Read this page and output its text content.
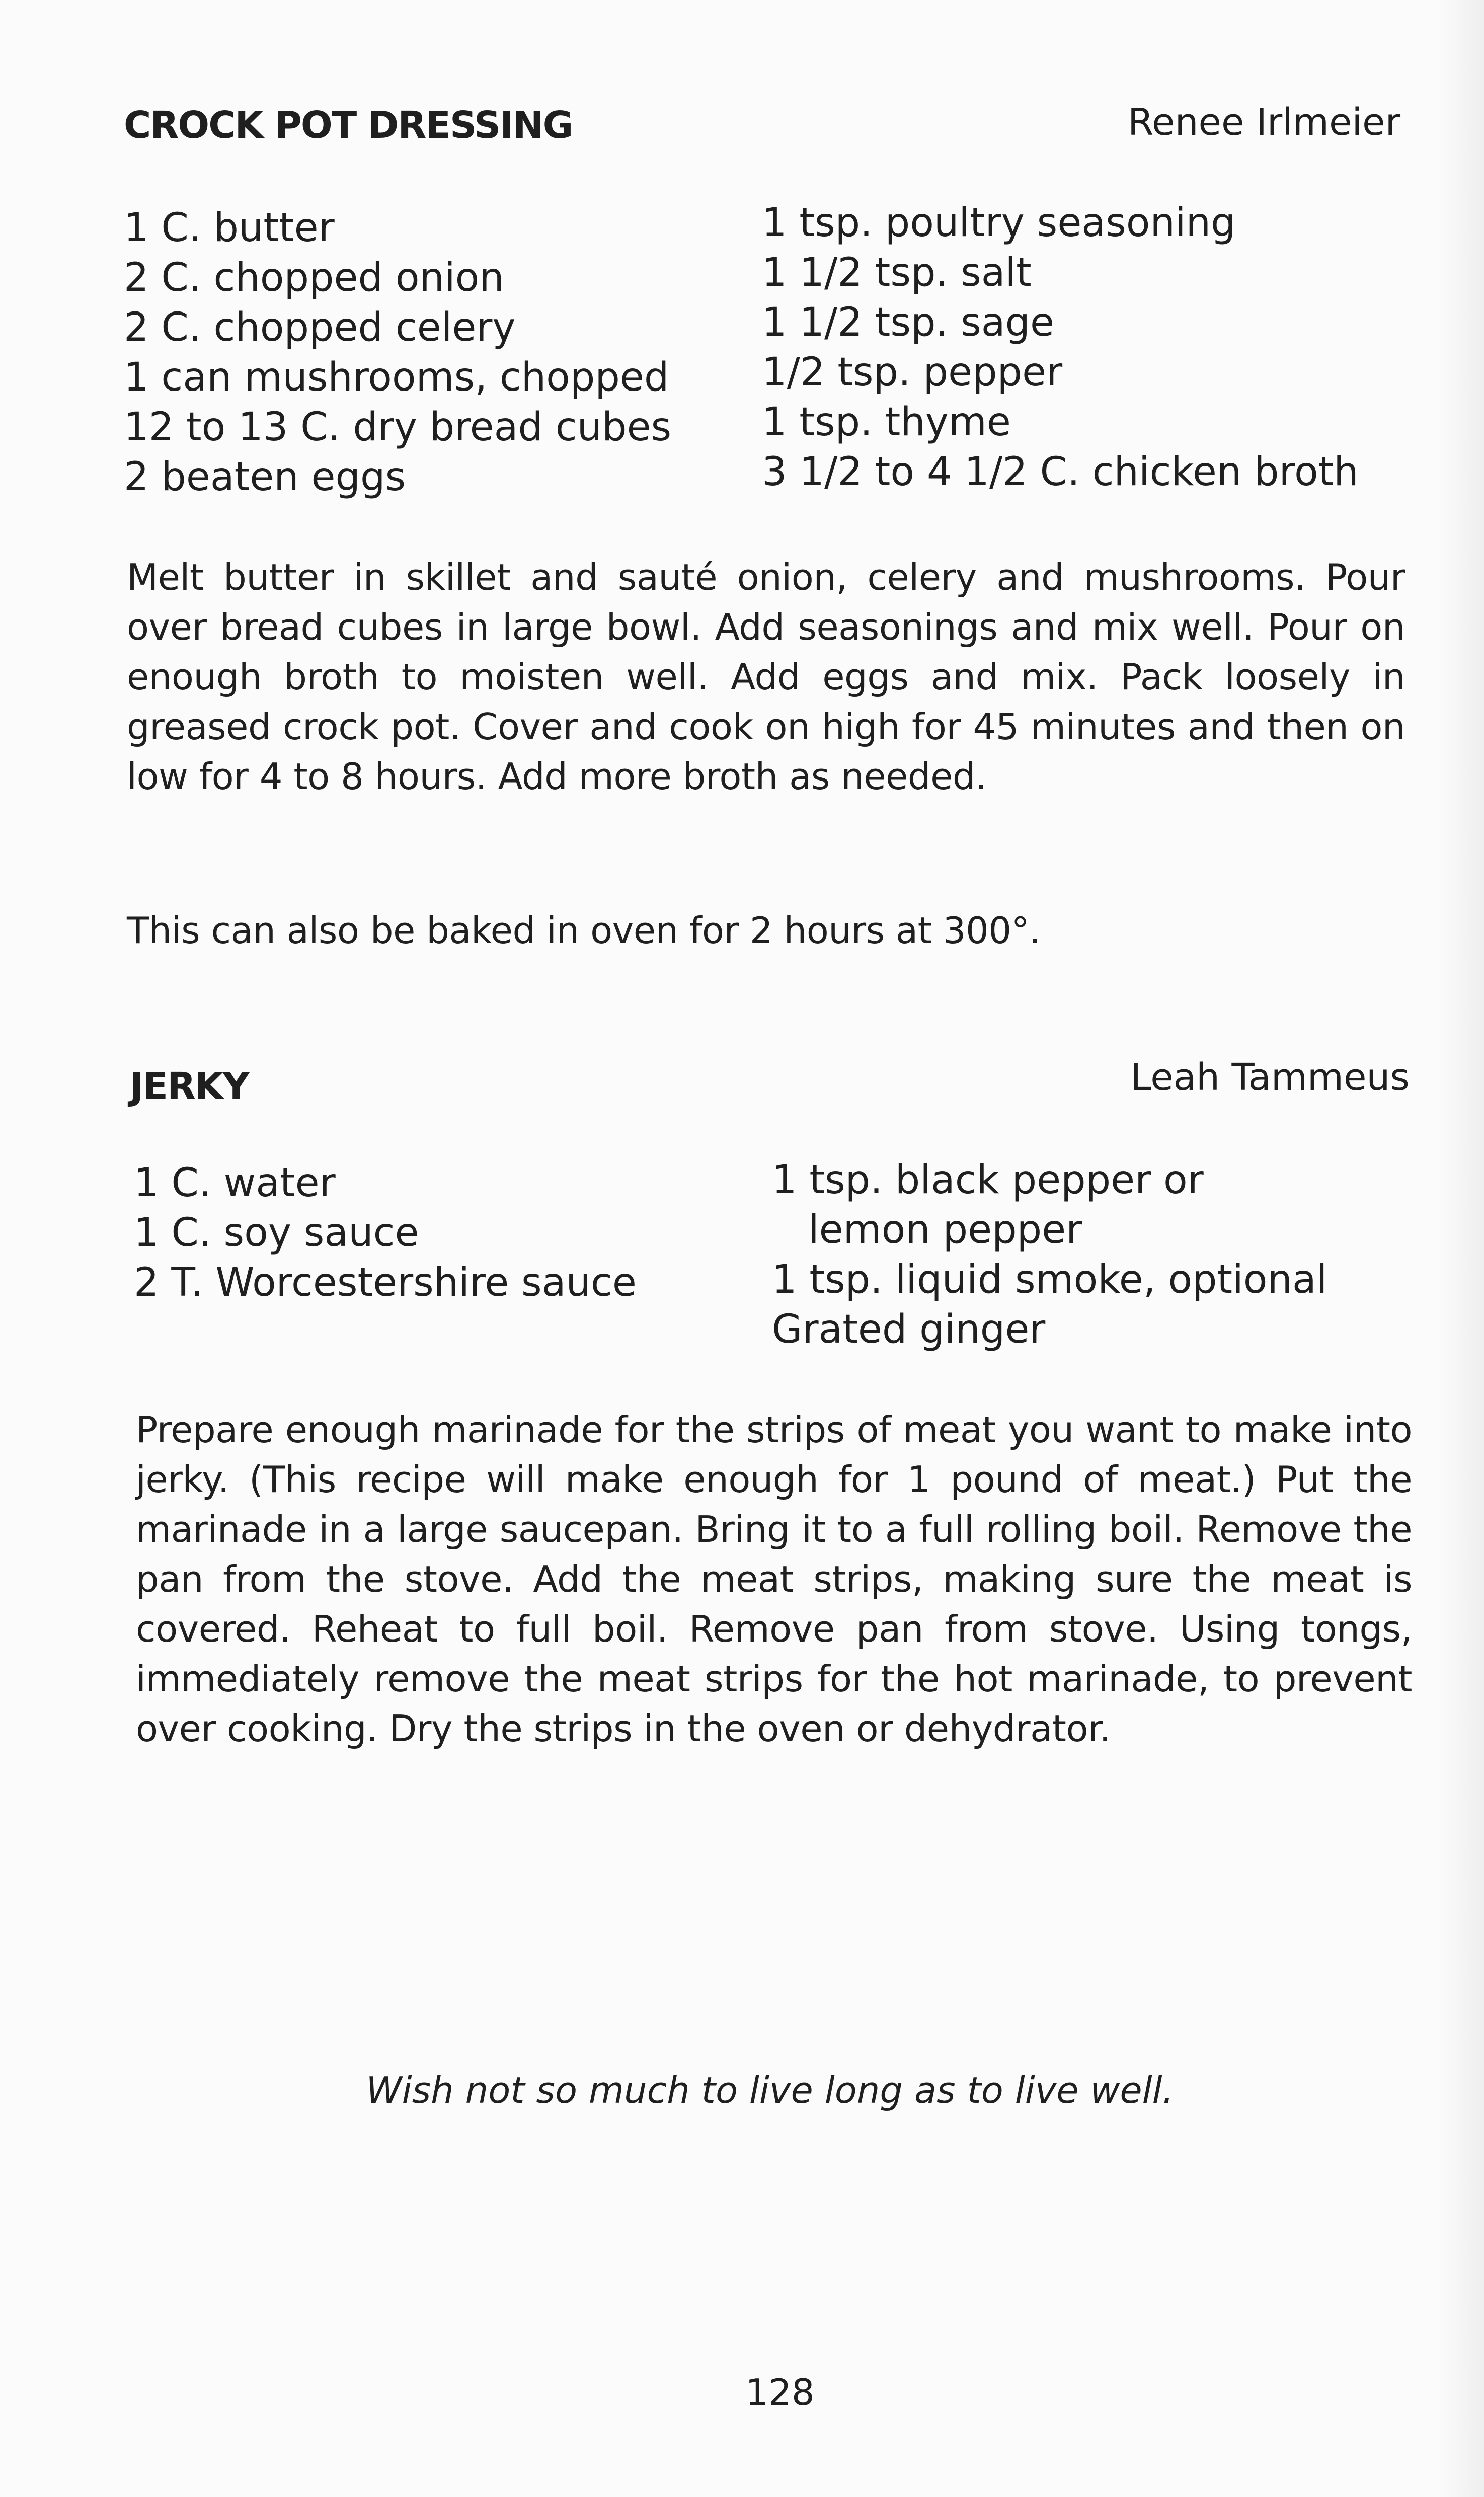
CROCK POT DRESSING	Renee Irlmeier
1 C. butter
2 C. chopped onion
2 C. chopped celery
1 can mushrooms, chopped
12 to 13 C. dry bread cubes
2 beaten eggs
1 tsp. poultry seasoning
1 1/2 tsp. salt
1 1/2 tsp. sage
1/2 tsp. pepper
1 tsp. thyme
3 1/2 to 4 1/2 C. chicken broth
Melt butter in skillet and sauté onion, celery and mushrooms. Pour over bread cubes in large bowl. Add seasonings and mix well. Pour on enough broth to moisten well. Add eggs and mix. Pack loosely in greased crock pot. Cover and cook on high for 45 minutes and then on low for 4 to 8 hours. Add more broth as needed.
This can also be baked in oven for 2 hours at 300°.
JERKY	Leah Tammeus
1 C. water
1 C. soy sauce
2 T. Worcestershire sauce
1 tsp. black pepper or
lemon pepper
1 tsp. liquid smoke, optional
Grated ginger
Prepare enough marinade for the strips of meat you want to make into jerky. (This recipe will make enough for 1 pound of meat.) Put the marinade in a large saucepan. Bring it to a full rolling boil. Remove the pan from the stove. Add the meat strips, making sure the meat is covered. Reheat to full boil. Remove pan from stove. Using tongs, immediately remove the meat strips for the hot marinade, to prevent over cooking. Dry the strips in the oven or dehydrator.
Wish not so much to live long as to live well.
128
